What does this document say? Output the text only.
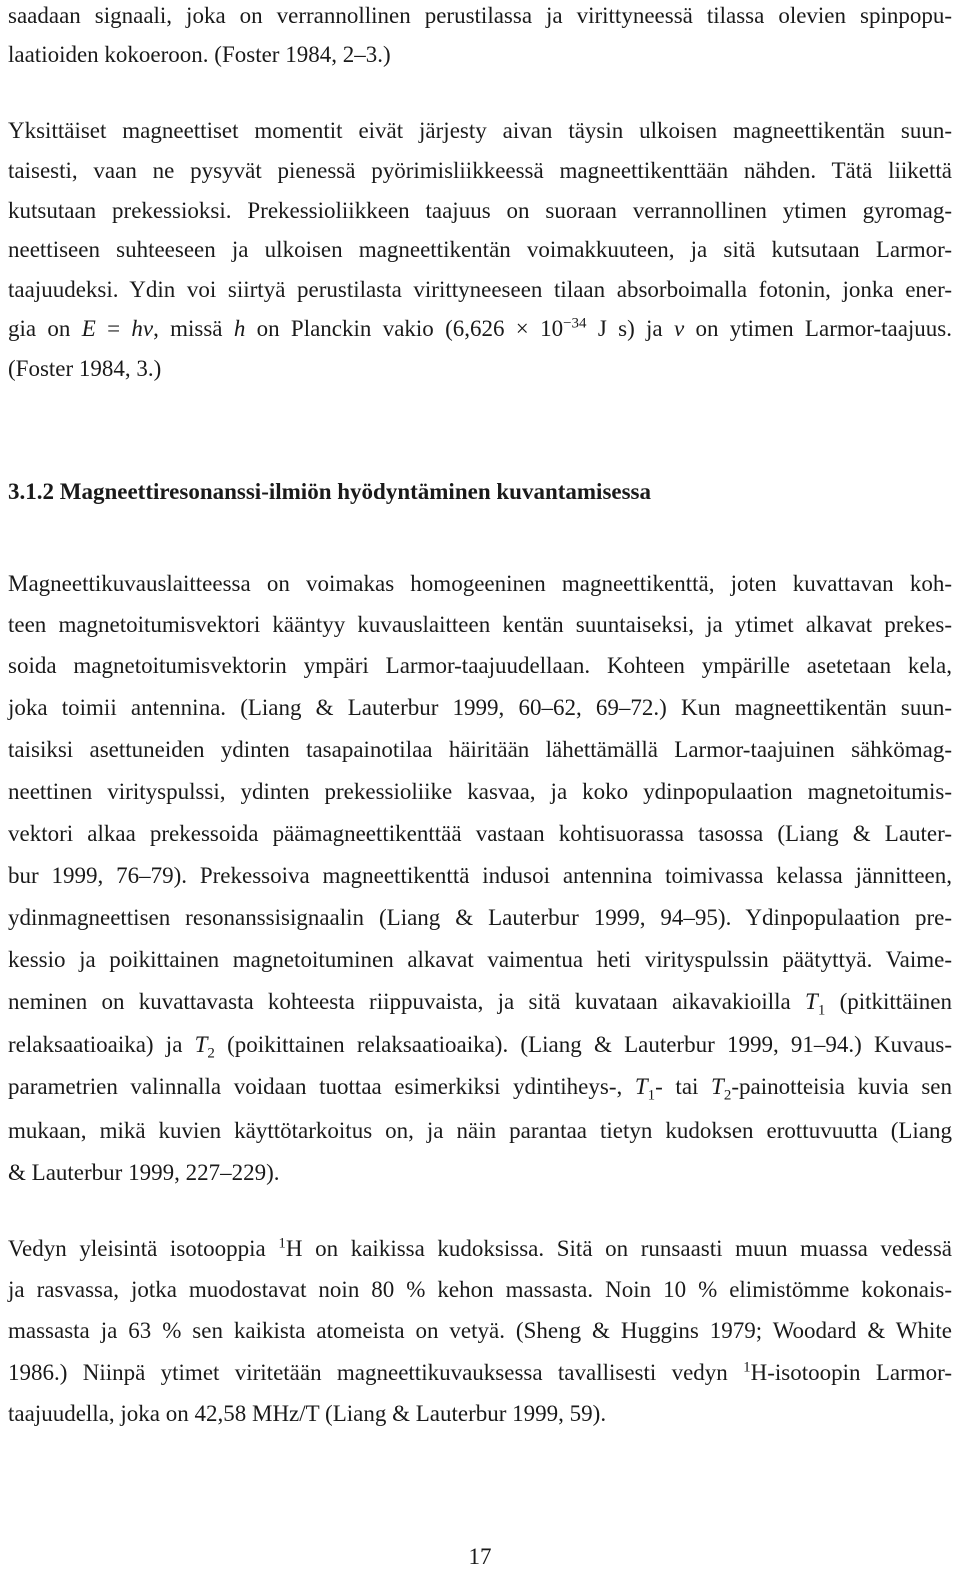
saadaan signaali, joka on verrannollinen perustilassa ja virittyneessä tilassa olevien spinpopu-
laatioiden kokoeroon. (Foster 1984, 2–3.)
Yksittäiset magneettiset momentit eivät järjesty aivan täysin ulkoisen magneettikentän suun-
taisesti, vaan ne pysyvät pienessä pyörimisliikkeessä magneettikenttään nähden. Tätä liikettä
kutsutaan prekessioksi. Prekessioliikkeen taajuus on suoraan verrannollinen ytimen gyromag-
neettiseen suhteeseen ja ulkoisen magneettikentän voimakkuuteen, ja sitä kutsutaan Larmor-
taajuudeksi. Ydin voi siirtyä perustilasta virittyneeseen tilaan absorboimalla fotonin, jonka ener-
gia on E = hν, missä h on Planckin vakio ($6,626 \times 10^{-34}$ J s) ja ν on ytimen Larmor-taajuus.
(Foster 1984, 3.)
3.1.2 Magneettiresonanssi-ilmiön hyödyntäminen kuvantamisessa
Magneettikuvauslaitteessa on voimakas homogeeninen magneettikenttä, joten kuvattavan koh-
teen magnetoitumisvektori kääntyy kuvauslaitteen kentän suuntaiseksi, ja ytimet alkavat prekes-
soida magnetoitumisvektorin ympäri Larmor-taajuudellaan. Kohteen ympärille asetetaan kela,
joka toimii antennina. (Liang & Lauterbur 1999, 60–62, 69–72.) Kun magneettikentän suun-
taisiksi asettuneiden ydinten tasapainotilaa häiritään lähettämällä Larmor-taajuinen sähkömag-
neettinen virityspulssi, ydinten prekessioliike kasvaa, ja koko ydinpopulaation magnetoitumis-
vektori alkaa prekessoida päämagneettikenttää vastaan kohtisuorassa tasossa (Liang & Lauter-
bur 1999, 76–79). Prekessoiva magneettikenttä indusoi antennina toimivassa kelassa jännitteen,
ydinmagneettisen resonanssisignaalin (Liang & Lauterbur 1999, 94–95). Ydinpopulaation pre-
kessio ja poikittainen magnetoituminen alkavat vaimentua heti virityspulssin päätyttyä. Vaime-
neminen on kuvattavasta kohteesta riippuvaista, ja sitä kuvataan aikavakioilla $T_1$ (pitkittäinen
relaksaatioaika) ja $T_2$ (poikittainen relaksaatioaika). (Liang & Lauterbur 1999, 91–94.) Kuvaus-
parametrien valinnalla voidaan tuottaa esimerkiksi ydintiheys-, $T_1-$ tai $T_2$-painotteisia kuvia sen
mukaan, mikä kuvien käyttötarkoitus on, ja näin parantaa tietyn kudoksen erottuvuutta (Liang
& Lauterbur 1999, 227–229).
Vedyn yleisintä isotooppia $^1$H on kaikissa kudoksissa. Sitä on runsaasti muun muassa vedessä
ja rasvassa, jotka muodostavat noin 80 % kehon massasta. Noin 10 % elimistömme kokonais-
massasta ja 63 % sen kaikista atomeista on vetyä. (Sheng & Huggins 1979; Woodard & White
1986.) Niinpä ytimet viritetään magneettikuvauksessa tavallisesti vedyn $^1$H-isotoopin Larmor-
taajuudella, joka on 42,58 MHz/T (Liang & Lauterbur 1999, 59).
17
